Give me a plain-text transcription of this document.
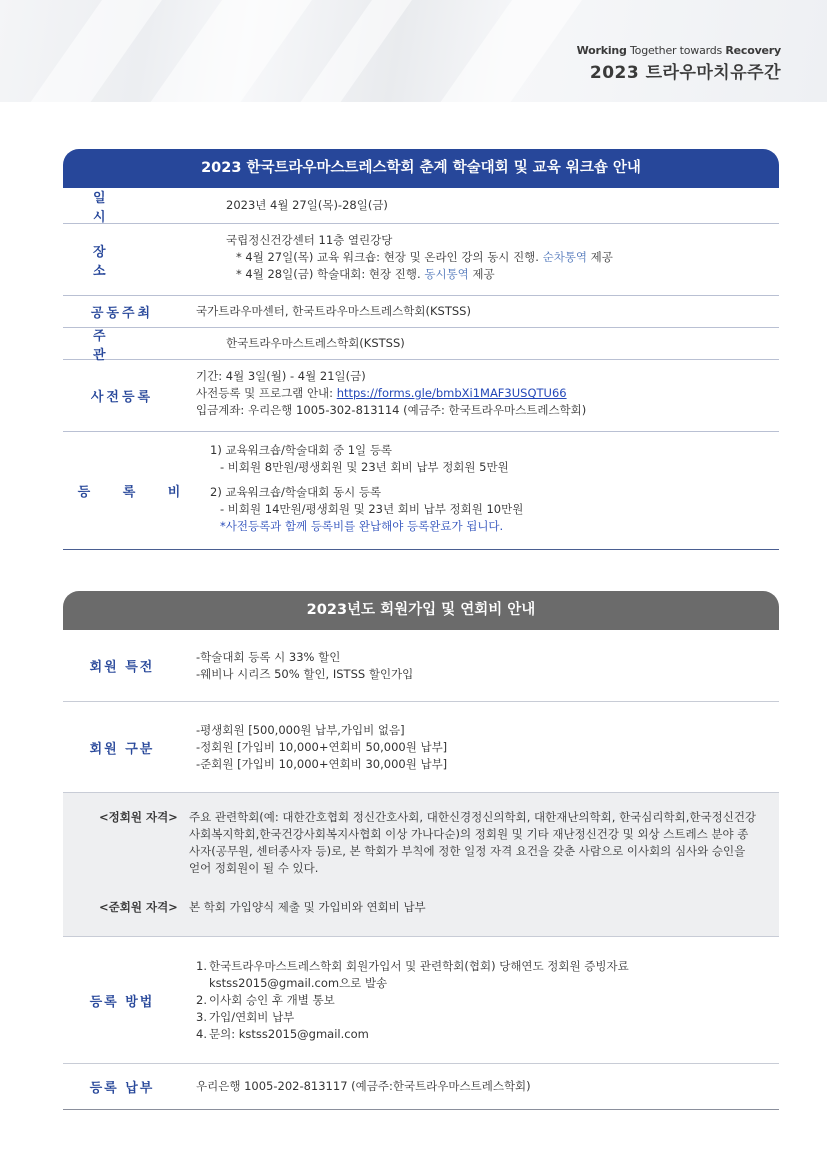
Working Together towards Recovery
2023 트라우마치유주간
2023 한국트라우마스트레스학회 춘계 학술대회 및 교육 워크숍 안내
일 시
2023년 4월 27일(목)-28일(금)
장 소

국립정신건강센터 11층 열린강당

* 4월 27일(목) 교육 워크숍: 현장 및 온라인 강의 동시 진행. 순차통역 제공

* 4월 28일(금) 학술대회: 현장 진행. 동시통역 제공

공동주최	국가트라우마센터, 한국트라우마스트레스학회(KSTSS)
주 관
한국트라우마스트레스학회(KSTSS)
사전등록

기간: 4월 3일(월) - 4월 21일(금)

사전등록 및 프로그램 안내: https://forms.gle/bmbXi1MAF3USQTU66

입금계좌: 우리은행 1005-302-813114 (예금주: 한국트라우마스트레스학회)

등 록 비

1) 교육워크숍/학술대회 중 1일 등록

- 비회원 8만원/평생회원 및 23년 회비 납부 정회원 5만원

2) 교육워크숍/학술대회 동시 등록

- 비회원 14만원/평생회원 및 23년 회비 납부 정회원 10만원

*사전등록과 함께 등록비를 완납해야 등록완료가 됩니다.

2023년도 회원가입 및 연회비 안내
회원 특전

-학술대회 등록 시 33% 할인

-웨비나 시리즈 50% 할인, ISTSS 할인가입

회원 구분

-평생회원 [500,000원 납부,가입비 없음]

-정회원 [가입비 10,000+연회비 50,000원 납부]

-준회원 [가입비 10,000+연회비 30,000원 납부]

<정회원 자격> 주요 관련학회(예: 대한간호협회 정신간호사회, 대한신경정신의학회, 대한재난의학회, 한국심리학회,한국정신건강사회복지학회,한국건강사회복지사협회 이상 가나다순)의 정회원 및 기타 재난정신건강 및 외상 스트레스 분야 종사자(공무원, 센터종사자 등)로, 본 학회가 부칙에 정한 일정 자격 요건을 갖춘 사람으로 이사회의 심사와 승인을 얻어 정회원이 될 수 있다.
<준회원 자격> 본 학회 가입양식 제출 및 가입비와 연회비 납부
등록 방법
1. 한국트라우마스트레스학회 회원가입서 및 관련학회(협회) 당해연도 정회원 증빙자료
kstss2015@gmail.com으로 발송
2. 이사회 승인 후 개별 통보
3. 가입/연회비 납부
4. 문의: kstss2015@gmail.com
등록 납부	우리은행 1005-202-813117 (예금주:한국트라우마스트레스학회)
